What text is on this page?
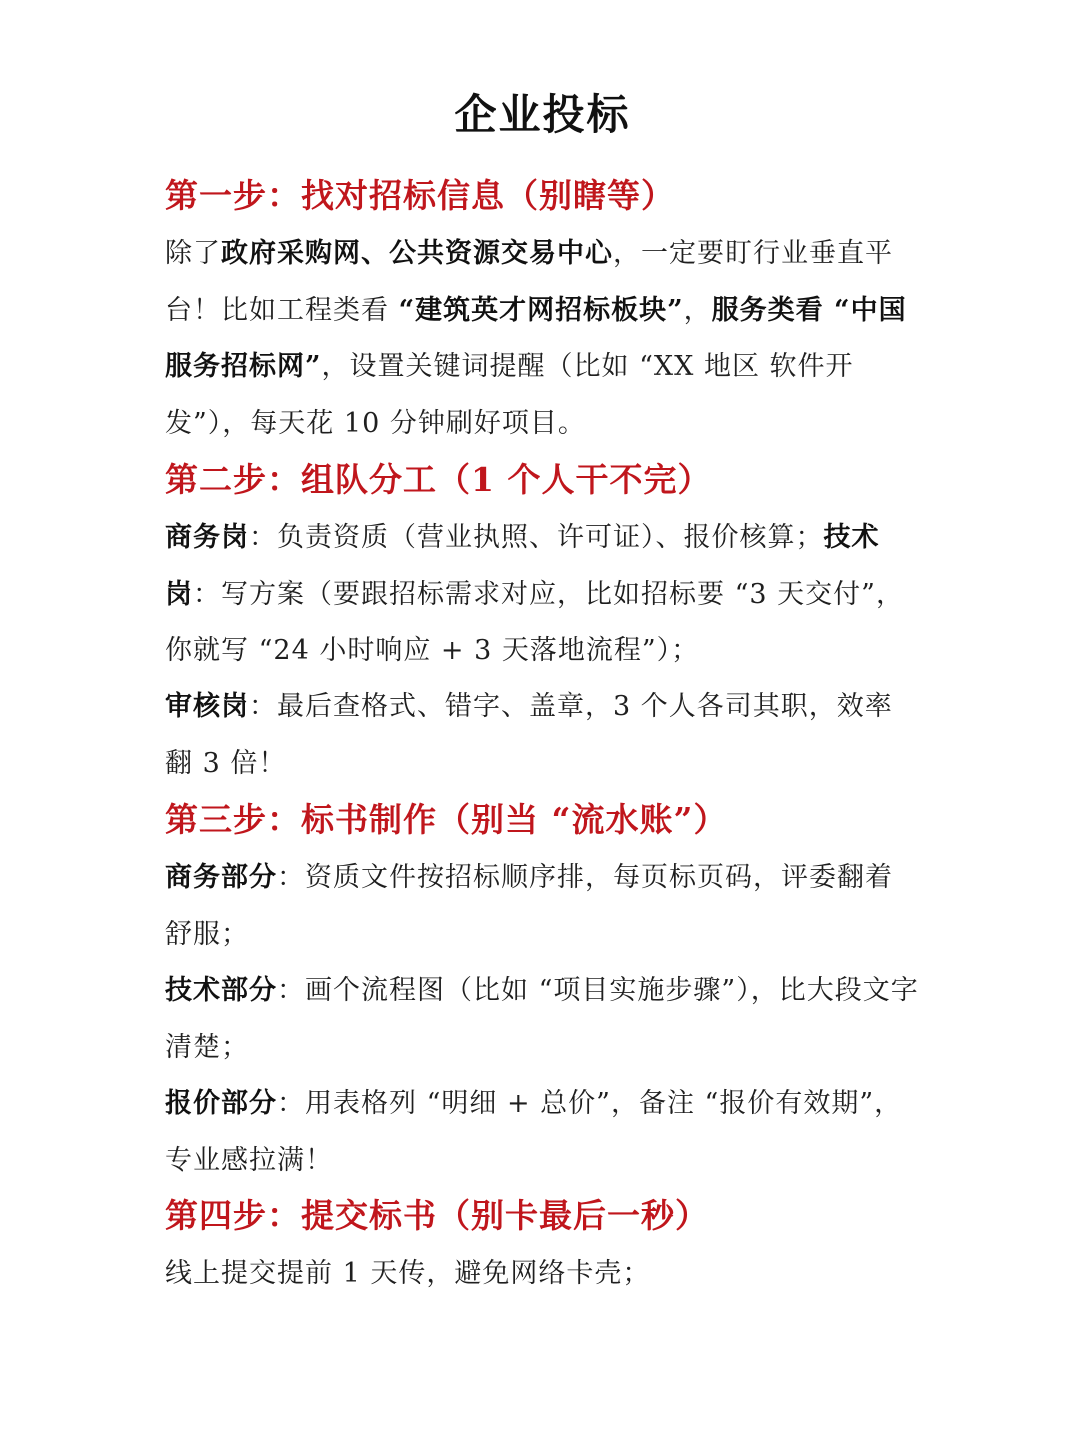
企业投标
第一步：找对招标信息（别瞎等）
除了政府采购网、公共资源交易中心，一定要盯行业垂直平台！比如工程类看 “建筑英才网招标板块”，服务类看 “中国服务招标网”，设置关键词提醒（比如 “XX 地区 软件开发”），每天花 10 分钟刷好项目。
第二步：组队分工（1 个人干不完）
商务岗：负责资质（营业执照、许可证）、报价核算；技术岗：写方案（要跟招标需求对应，比如招标要 “3 天交付”，你就写 “24 小时响应 + 3 天落地流程”）；
审核岗：最后查格式、错字、盖章，3 个人各司其职，效率翻 3 倍！
第三步：标书制作（别当 “流水账”）
商务部分：资质文件按招标顺序排，每页标页码，评委翻着舒服；
技术部分：画个流程图（比如 “项目实施步骤”），比大段文字清楚；
报价部分：用表格列 “明细 + 总价”，备注 “报价有效期”，专业感拉满！
第四步：提交标书（别卡最后一秒）
线上提交提前 1 天传，避免网络卡壳；
